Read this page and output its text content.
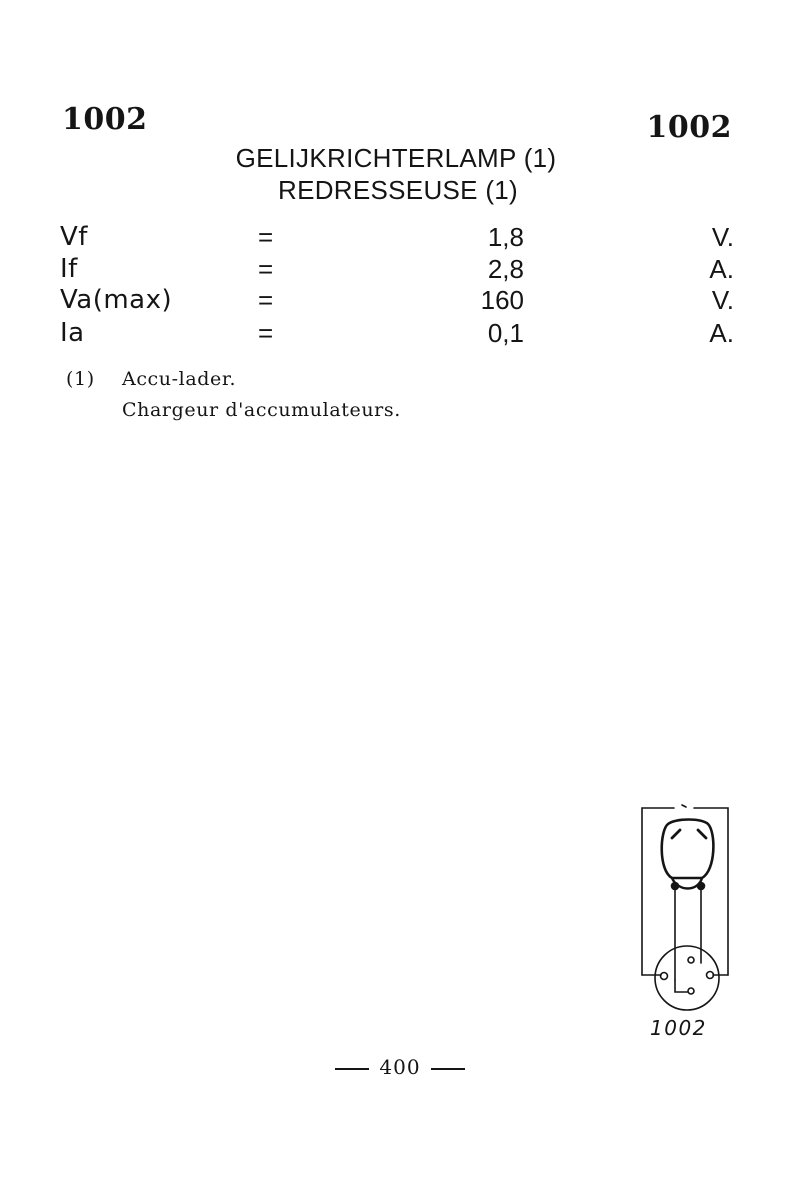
1002	1002
GELIJKRICHTERLAMP (1)
REDRESSEUSE (1)
Vf	=	1,8	V.
If	=	2,8	A.
Va(max)	=	160	V.
Ia	=	0,1	A.
(1) Accu-lader.
Chargeur d'accumulateurs.
1002
400
